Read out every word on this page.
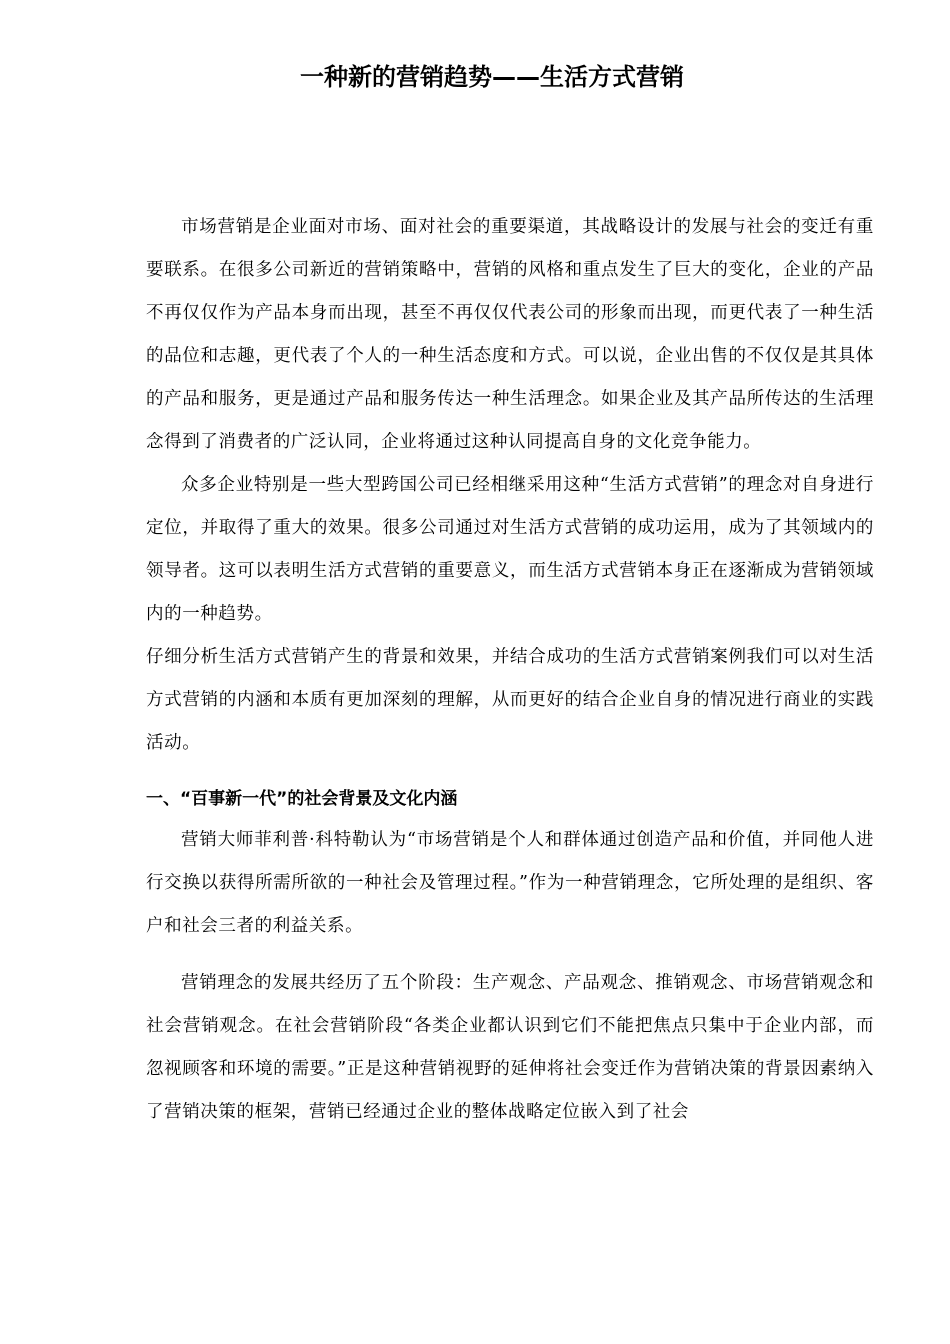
一种新的营销趋势——生活方式营销

市场营销是企业面对市场、面对社会的重要渠道，其战略设计的发展与社会的变迁有重要联系。在很多公司新近的营销策略中，营销的风格和重点发生了巨大的变化，企业的产品不再仅仅作为产品本身而出现，甚至不再仅仅代表公司的形象而出现，而更代表了一种生活的品位和志趣，更代表了个人的一种生活态度和方式。可以说，企业出售的不仅仅是其具体的产品和服务，更是通过产品和服务传达一种生活理念。如果企业及其产品所传达的生活理念得到了消费者的广泛认同，企业将通过这种认同提高自身的文化竞争能力。

众多企业特别是一些大型跨国公司已经相继采用这种“生活方式营销”的理念对自身进行定位，并取得了重大的效果。很多公司通过对生活方式营销的成功运用，成为了其领域内的领导者。这可以表明生活方式营销的重要意义，而生活方式营销本身正在逐渐成为营销领域内的一种趋势。

仔细分析生活方式营销产生的背景和效果，并结合成功的生活方式营销案例我们可以对生活方式营销的内涵和本质有更加深刻的理解，从而更好的结合企业自身的情况进行商业的实践活动。

一、“百事新一代”的社会背景及文化内涵

营销大师菲利普·科特勒认为“市场营销是个人和群体通过创造产品和价值，并同他人进行交换以获得所需所欲的一种社会及管理过程。”作为一种营销理念，它所处理的是组织、客户和社会三者的利益关系。

营销理念的发展共经历了五个阶段：生产观念、产品观念、推销观念、市场营销观念和社会营销观念。在社会营销阶段“各类企业都认识到它们不能把焦点只集中于企业内部，而忽视顾客和环境的需要。”正是这种营销视野的延伸将社会变迁作为营销决策的背景因素纳入了营销决策的框架，营销已经通过企业的整体战略定位嵌入到了社会
